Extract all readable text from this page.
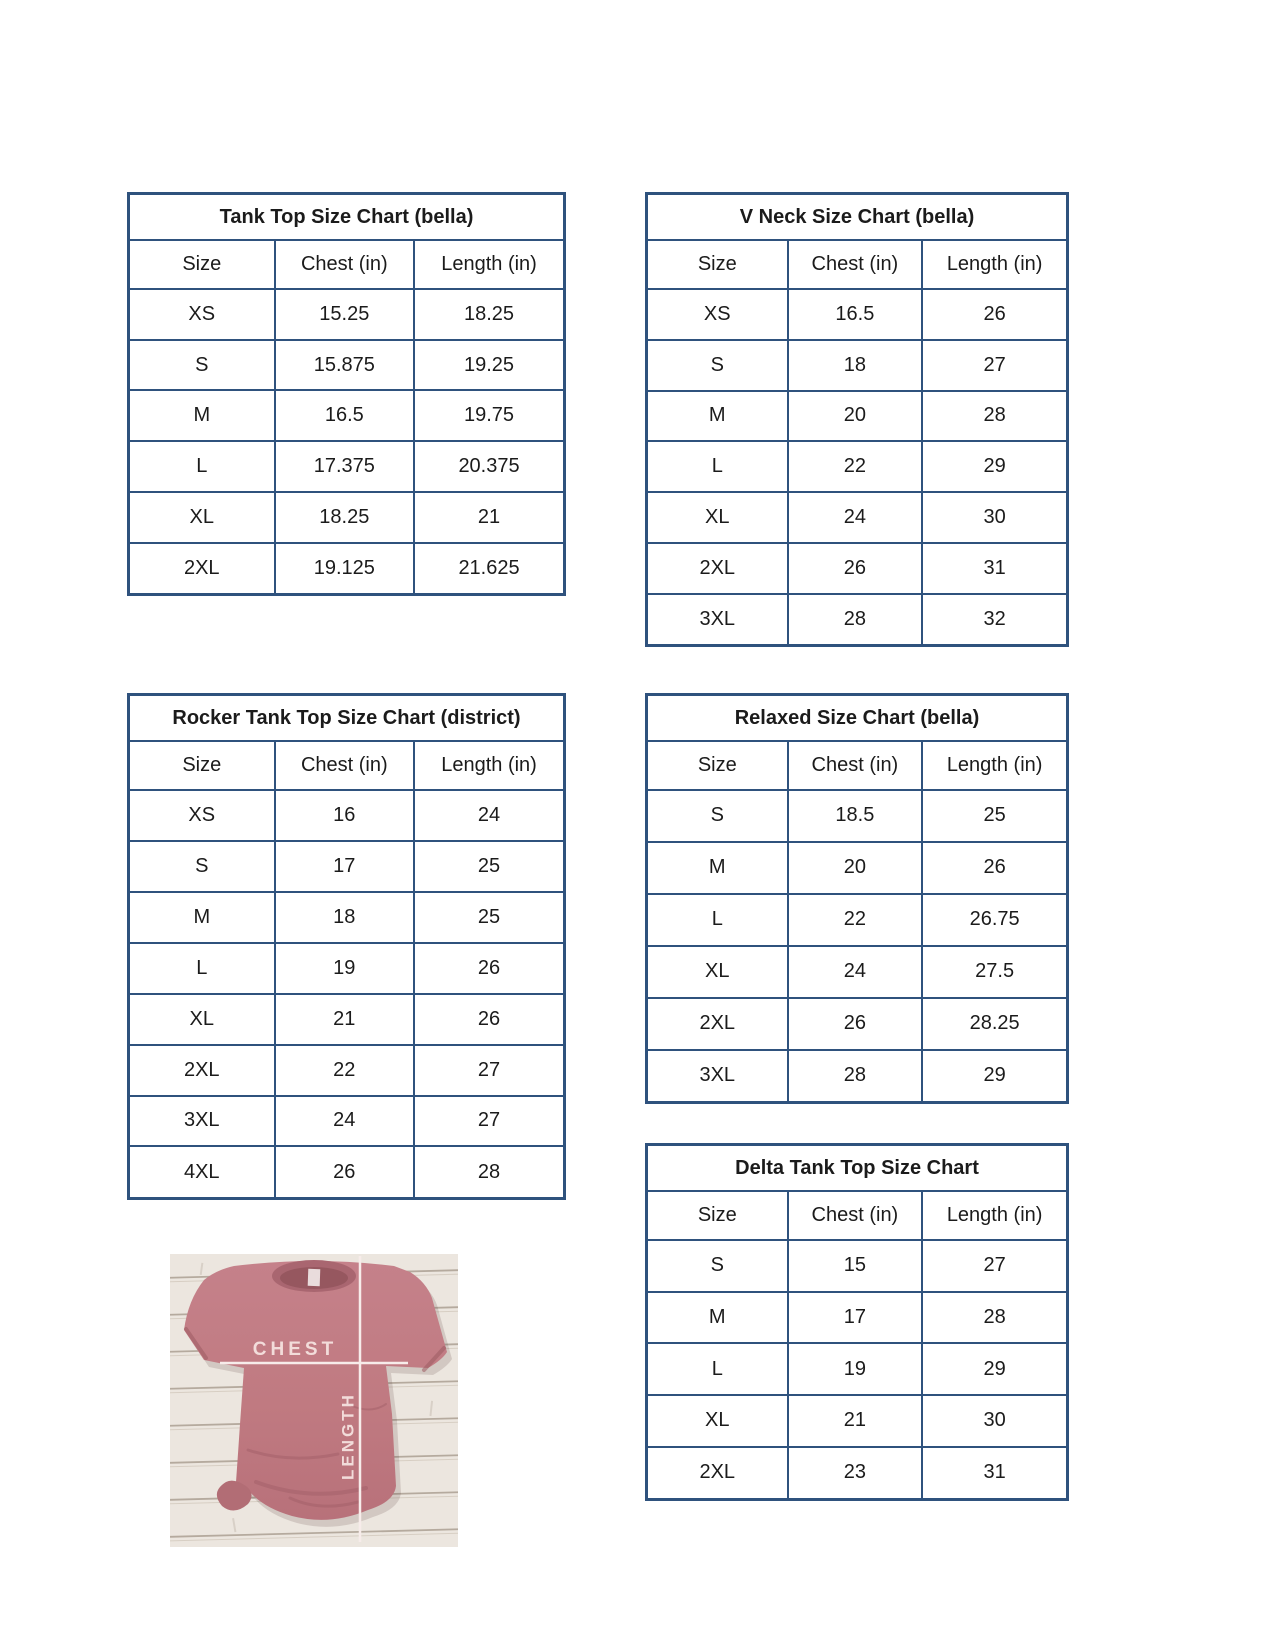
Tank Top Size Chart (bella)		
Size	Chest (in)	Length (in)
XS	15.25	18.25
S	15.875	19.25
M	16.5	19.75
L	17.375	20.375
XL	18.25	21
2XL	19.125	21.625
V Neck Size Chart (bella)		
Size	Chest (in)	Length (in)
XS	16.5	26
S	18	27
M	20	28
L	22	29
XL	24	30
2XL	26	31
3XL	28	32
Rocker Tank Top Size Chart (district)		
Size	Chest (in)	Length (in)
XS	16	24
S	17	25
M	18	25
L	19	26
XL	21	26
2XL	22	27
3XL	24	27
4XL	26	28
Relaxed Size Chart (bella)		
Size	Chest (in)	Length (in)
S	18.5	25
M	20	26
L	22	26.75
XL	24	27.5
2XL	26	28.25
3XL	28	29
Delta Tank Top Size Chart		
Size	Chest (in)	Length (in)
S	15	27
M	17	28
L	19	29
XL	21	30
2XL	23	31
CHEST
LENGTH
